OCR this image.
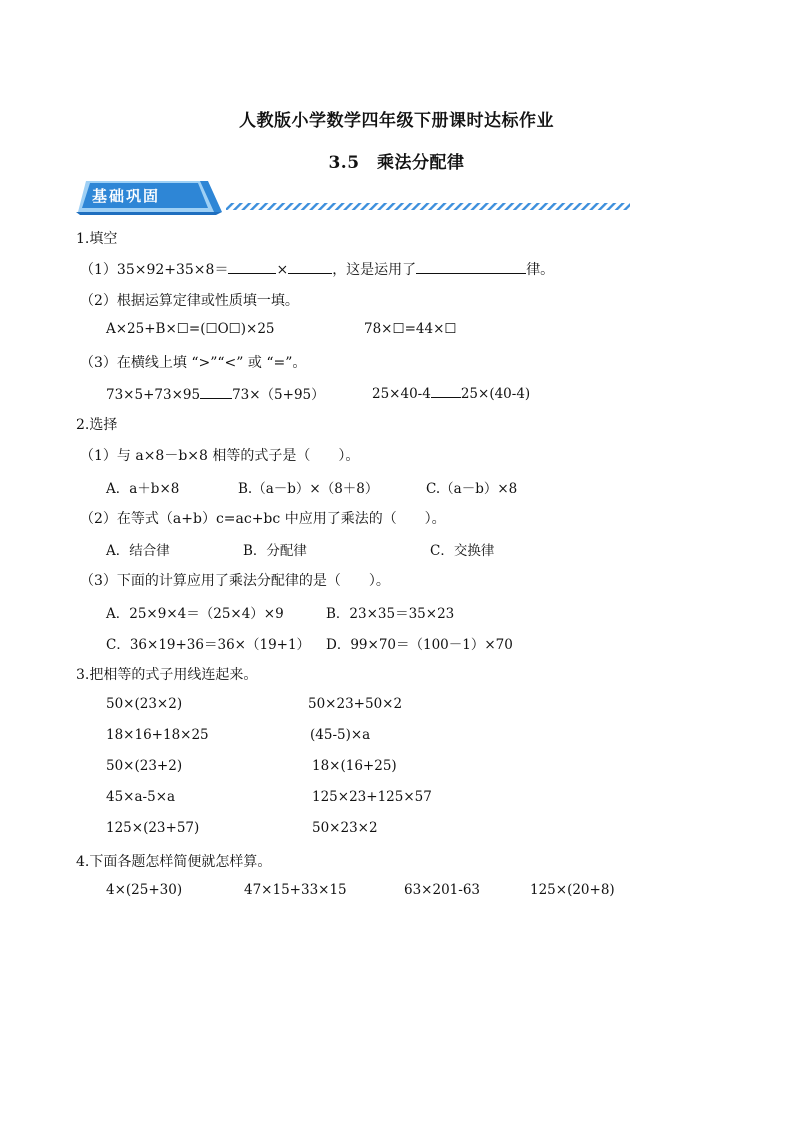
人教版小学数学四年级下册课时达标作业
3.5　乘法分配律
基础巩固
1.填空
（1）35×92+35×8＝	×	，这是运用了	律。
（2）根据运算定律或性质填一填。
A×25+B×☐=(☐O☐)×25	78×☐=44×☐
（3）在横线上填 “>”“<” 或 “=”。
73×5+73×95 73×（5+95）	25×40-4 25×(40-4)
2.选择
（1）与 a×8－b×8 相等的式子是（　　）。
A．a＋b×8	B.（a－b）×（8＋8）	C.（a－b）×8
（2）在等式（a+b）c=ac+bc 中应用了乘法的（　　）。
A．结合律	B．分配律	C．交换律
（3）下面的计算应用了乘法分配律的是（　　）。
A．25×9×4＝（25×4）×9	B．23×35＝35×23
C．36×19+36＝36×（19+1） D．99×70＝（100－1）×70
3.把相等的式子用线连起来。
50×(23×2)
18×16+18×25
50×(23+2)
45×a-5×a
125×(23+57)
50×23+50×2
(45-5)×a
18×(16+25)
125×23+125×57
50×23×2
4.下面各题怎样简便就怎样算。
4×(25+30)	47×15+33×15	63×201-63	125×(20+8)
